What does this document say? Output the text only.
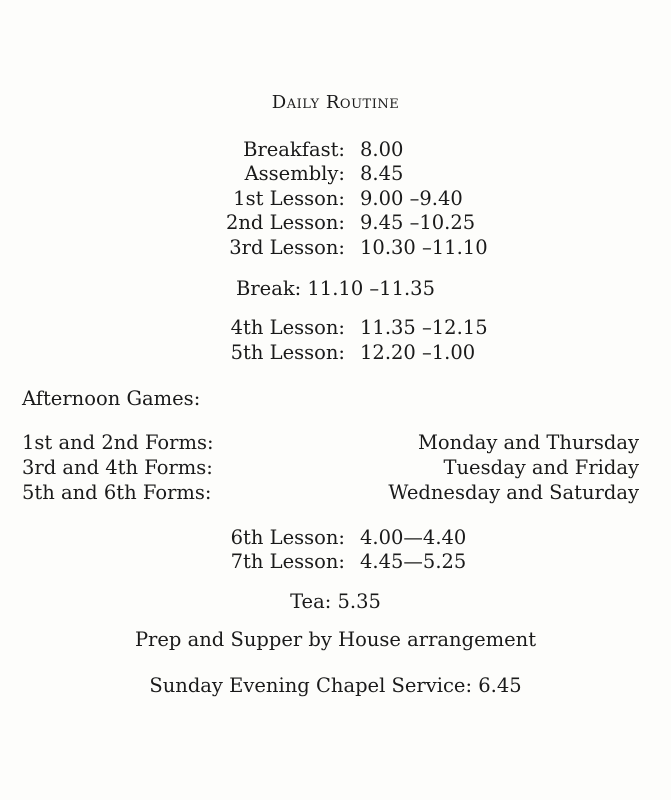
Daily Routine
Breakfast: 8.00
Assembly: 8.45
1st Lesson: 9.00 –9.40
2nd Lesson: 9.45 –10.25
3rd Lesson: 10.30 –11.10
Break: 11.10 –11.35
4th Lesson: 11.35 –12.15
5th Lesson: 12.20 –1.00
Afternoon Games:
1st and 2nd Forms:	Monday and Thursday
3rd and 4th Forms:	Tuesday and Friday
5th and 6th Forms:	Wednesday and Saturday
6th Lesson: 4.00—4.40
7th Lesson: 4.45—5.25
Tea: 5.35
Prep and Supper by House arrangement
Sunday Evening Chapel Service: 6.45
